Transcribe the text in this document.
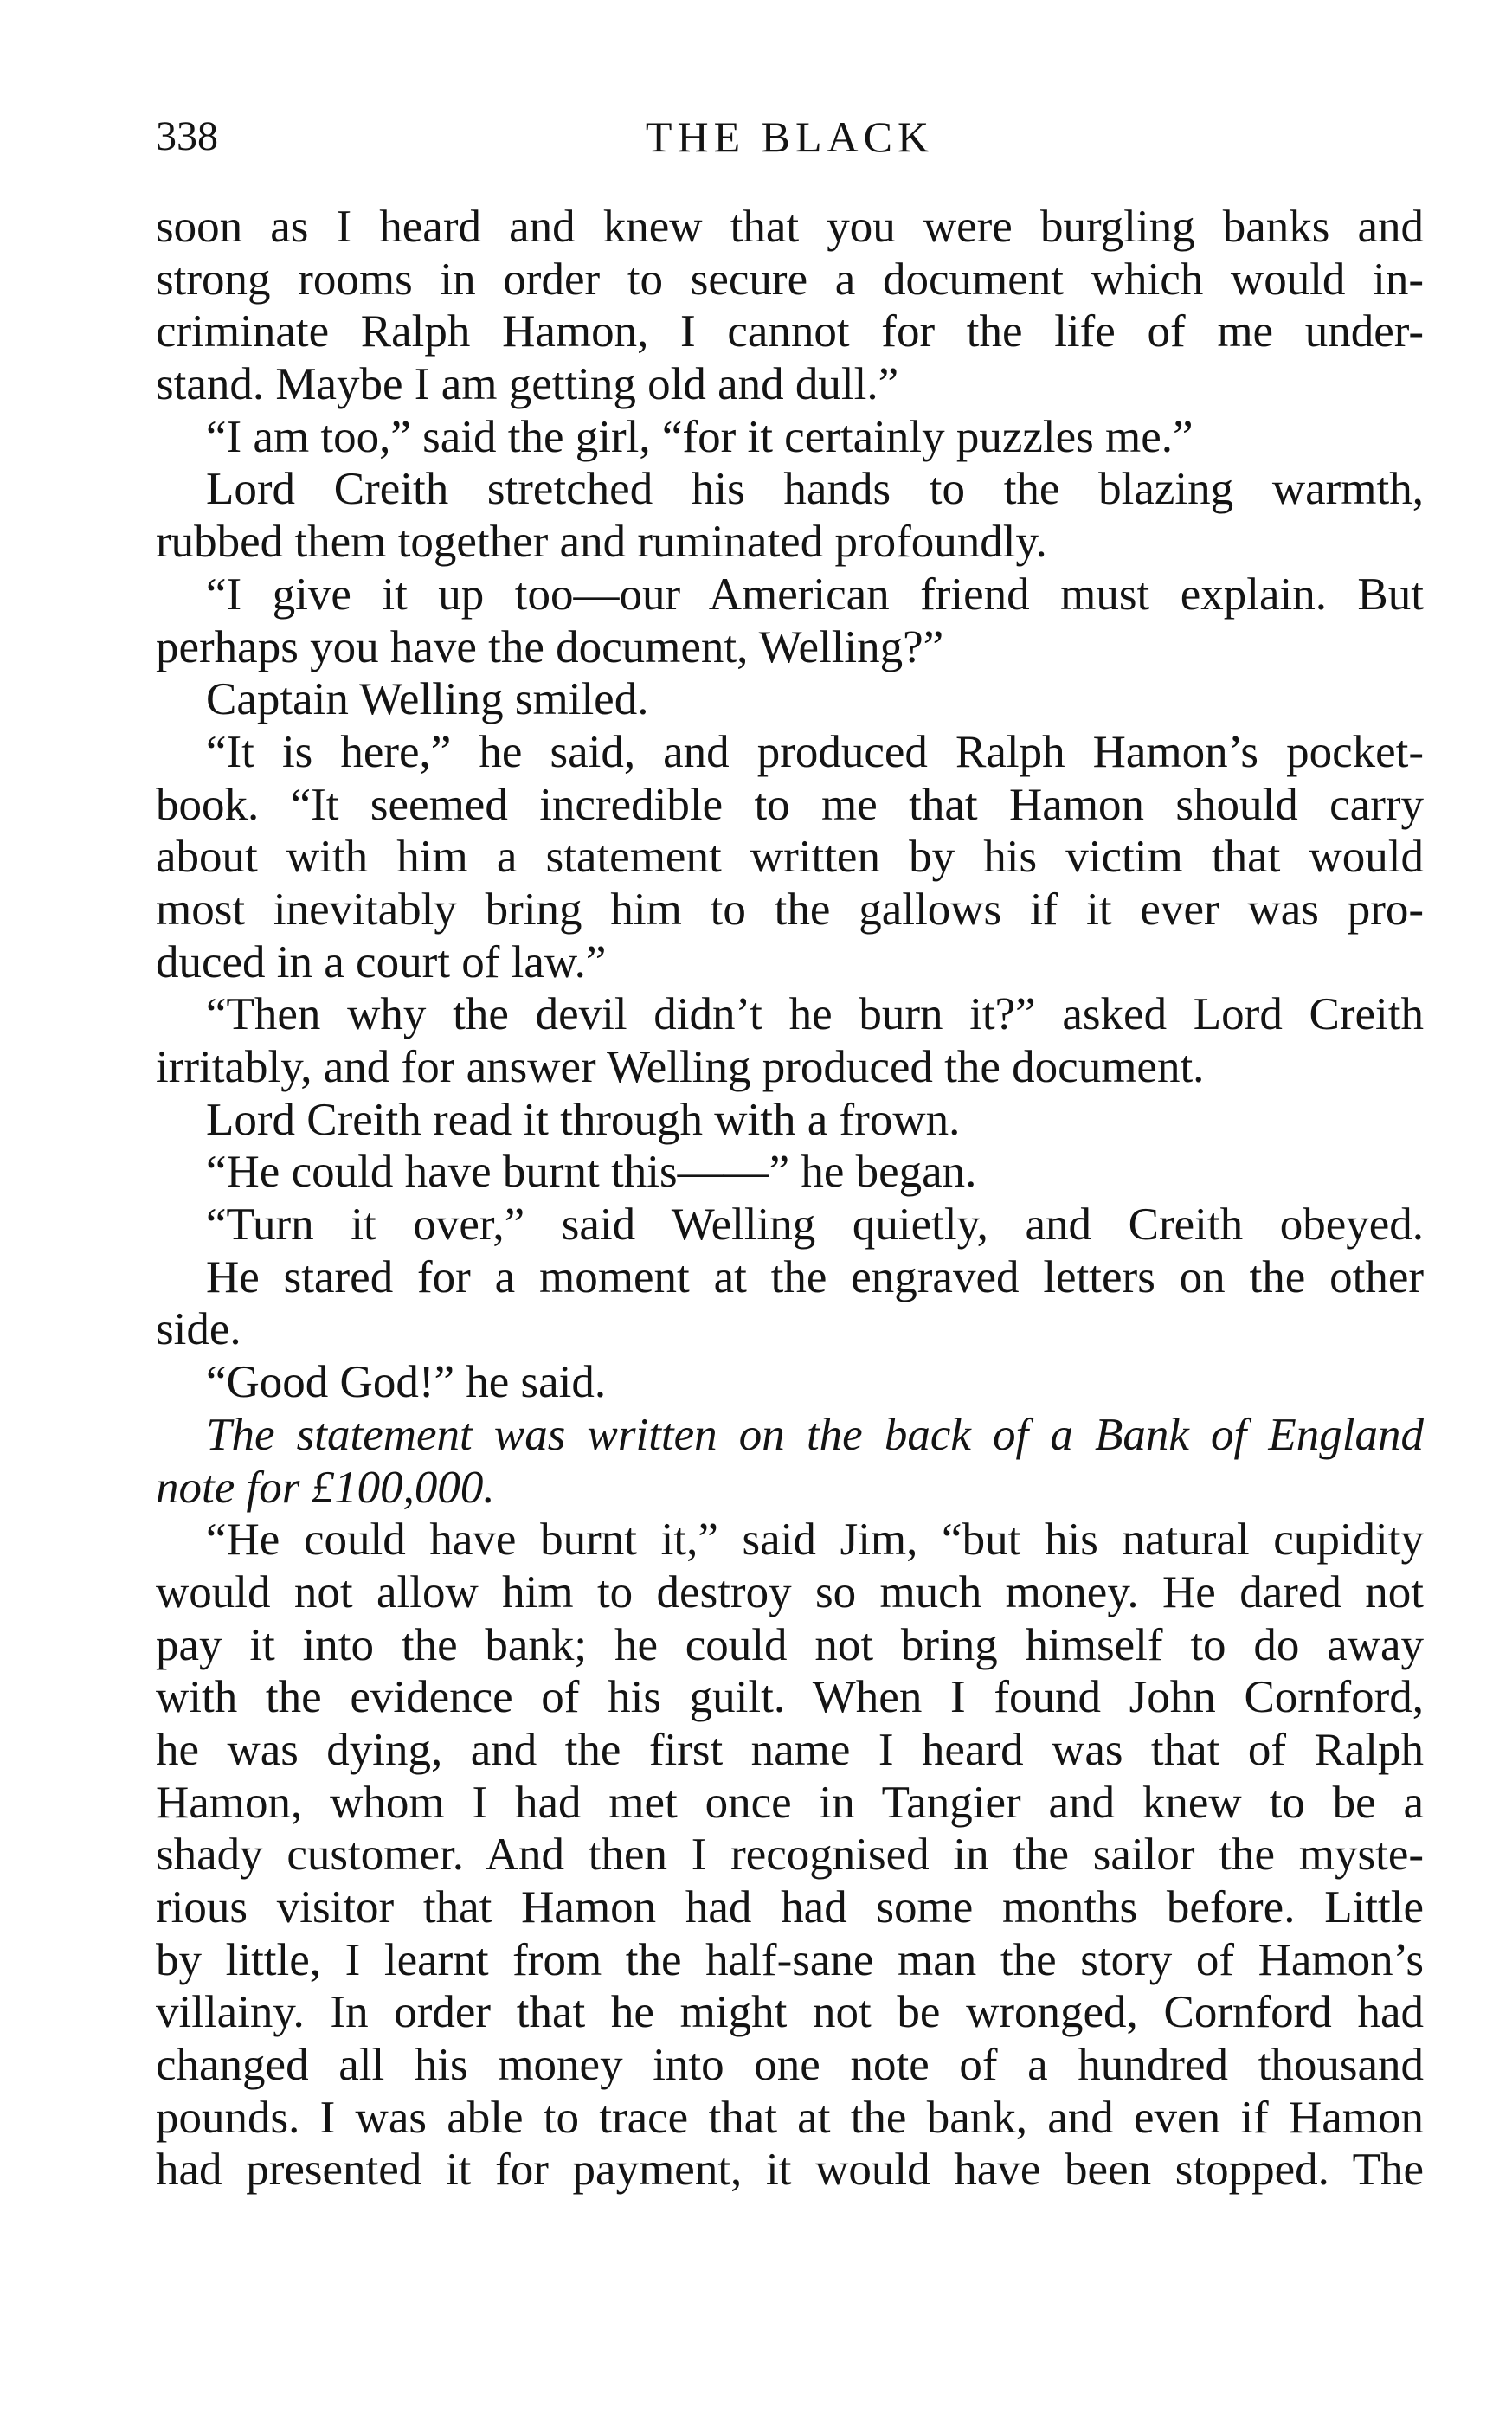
338	THE BLACK
soon as I heard and knew that you were burgling banks and
strong rooms in order to secure a document which would in-
criminate Ralph Hamon, I cannot for the life of me under-
stand. Maybe I am getting old and dull.”
“I am too,” said the girl, “for it certainly puzzles me.”
Lord Creith stretched his hands to the blazing warmth,
rubbed them together and ruminated profoundly.
“I give it up too—our American friend must explain. But
perhaps you have the document, Welling?”
Captain Welling smiled.
“It is here,” he said, and produced Ralph Hamon’s pocket-
book. “It seemed incredible to me that Hamon should carry
about with him a statement written by his victim that would
most inevitably bring him to the gallows if it ever was pro-
duced in a court of law.”
“Then why the devil didn’t he burn it?” asked Lord Creith
irritably, and for answer Welling produced the document.
Lord Creith read it through with a frown.
“He could have burnt this——” he began.
“Turn it over,” said Welling quietly, and Creith obeyed.
He stared for a moment at the engraved letters on the other
side.
“Good God!” he said.
The statement was written on the back of a Bank of England
note for £100,000.
“He could have burnt it,” said Jim, “but his natural cupidity
would not allow him to destroy so much money. He dared not
pay it into the bank; he could not bring himself to do away
with the evidence of his guilt. When I found John Cornford,
he was dying, and the first name I heard was that of Ralph
Hamon, whom I had met once in Tangier and knew to be a
shady customer. And then I recognised in the sailor the myste-
rious visitor that Hamon had had some months before. Little
by little, I learnt from the half-sane man the story of Hamon’s
villainy. In order that he might not be wronged, Cornford had
changed all his money into one note of a hundred thousand
pounds. I was able to trace that at the bank, and even if Hamon
had presented it for payment, it would have been stopped. The
